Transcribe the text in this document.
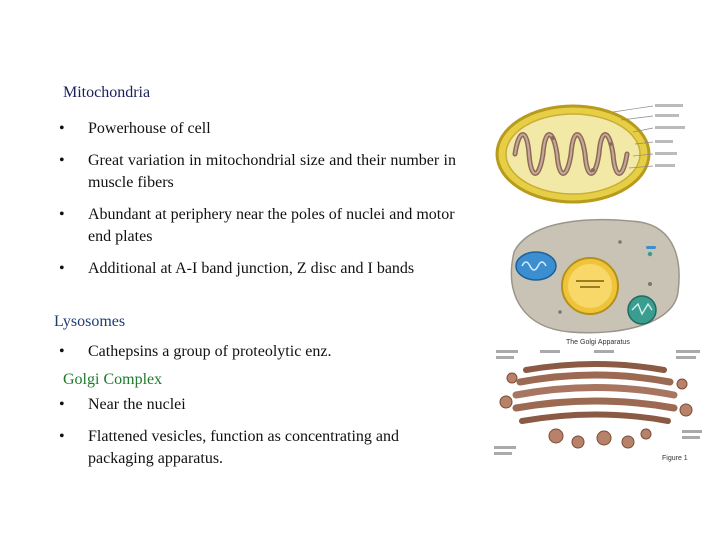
Mitochondria
Lysosomes
Golgi Complex
•	Powerhouse of cell
•	Great variation in mitochondrial size and their number in muscle fibers
•	Abundant at periphery near the poles of nuclei and motor end plates
•	Additional at A-I band junction, Z disc and I bands
•	Cathepsins a group of proteolytic enz.
•	Near the nuclei
•	Flattened vesicles, function as concentrating and packaging apparatus.
The Golgi Apparatus
Figure 1
